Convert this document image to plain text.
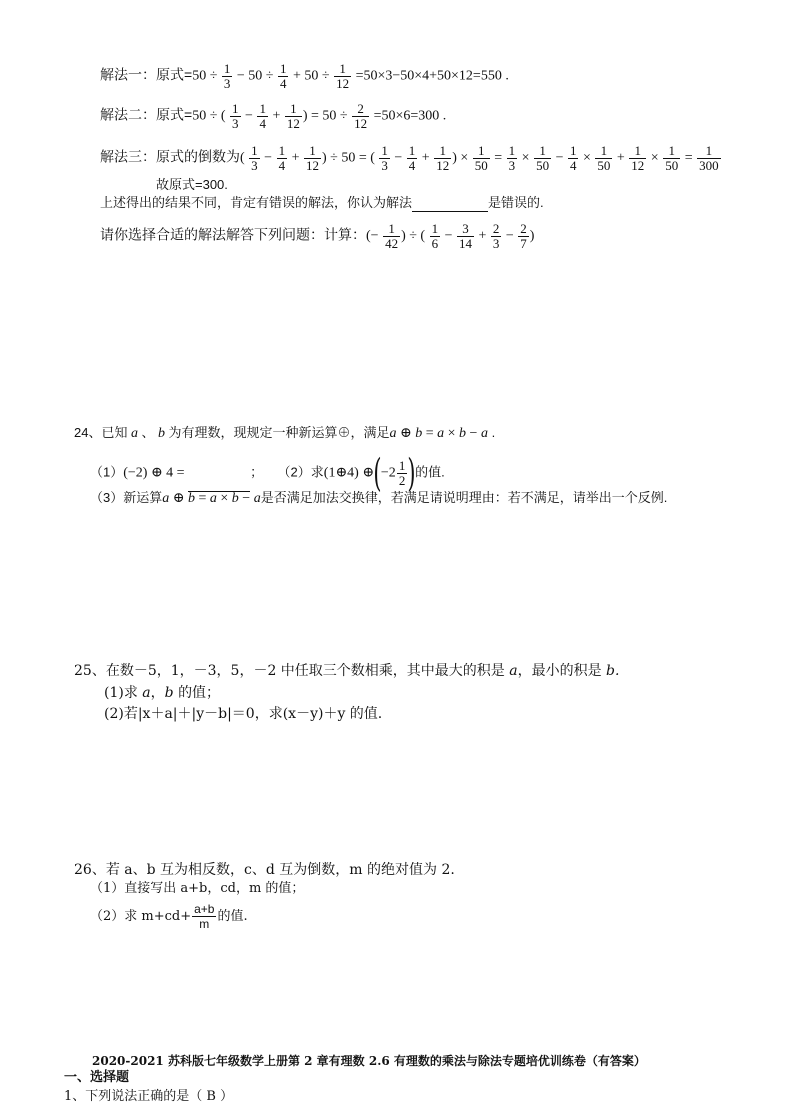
解法一：原式$=50 \div \frac{1}{3} - 50 \div \frac{1}{4} + 50 \div \frac{1}{12} =50\times 3-50\times 4+50\times 12=550$ .
解法二：原式=50 ÷ ( $\frac{1}{3} - \frac{1}{4} + \frac{1}{12}$ ) = $50 \div \frac{2}{12} =50\times 6=300$ .
解法三：原式的倒数为( $\frac{1}{3} - \frac{1}{4} + \frac{1}{12}$ ) ÷ 50 = ( $\frac{1}{3} - \frac{1}{4} + \frac{1}{12}$ ) × $\frac{1}{50} = \frac{1}{3} \times \frac{1}{50} - \frac{1}{4} \times \frac{1}{50} + \frac{1}{12} \times \frac{1}{50} = \frac{1}{300}$
故原式=300.
上述得出的结果不同，肯定有错误的解法，你认为解法	是错误的.
请你选择合适的解法解答下列问题：计算：(− $\frac{1}{42}$ ) ÷ ( $\frac{1}{6} - \frac{3}{14} + \frac{2}{3} - \frac{2}{7}$ )
24、已知 a 、 b 为有理数，现规定一种新运算⊕，满足a ⊕ b = a × b − a .
（1）(−2) ⊕ 4 =	；    （2）求(1⊕4) ⊕(−2 $\frac{1}{2}$ )的值.
（3）新运算a ⊕ b = a × b − a是否满足加法交换律，若满足请说明理由：若不满足，请举出一个反例.
25、在数－5，1，－3，5，－2 中任取三个数相乘，其中最大的积是 a，最小的积是 b.
(1)求 a，b 的值；
(2)若|x＋a|＋|y－b|＝0，求(x－y)＋y 的值.
26、若 a、b 互为相反数，c、d 互为倒数，m 的绝对值为 2.
（1）直接写出 a+b，cd，m 的值；
（2）求 $m+cd+ \frac{a+b}{m}$ 的值.
2020-2021 苏科版七年级数学上册第 2 章有理数 2.6 有理数的乘法与除法专题培优训练卷（有答案）
一、选择题
1、下列说法正确的是（ B ）
